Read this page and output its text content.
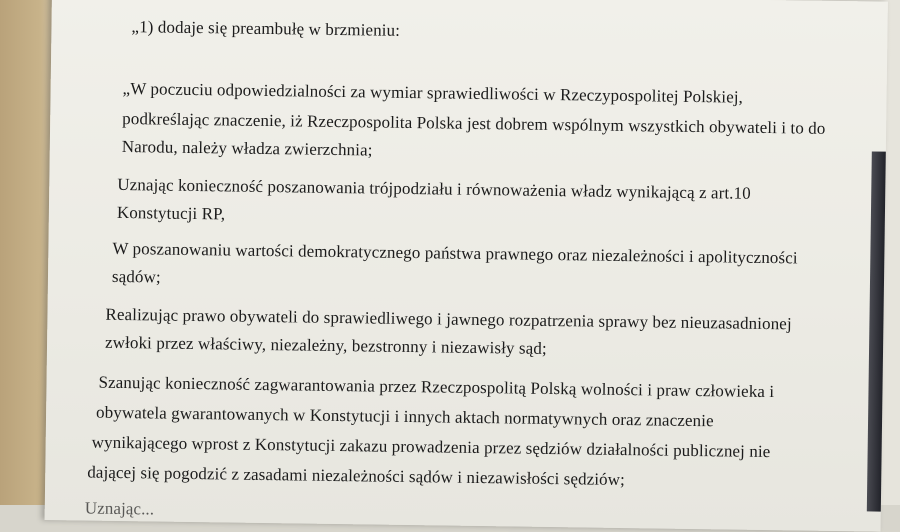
„1) dodaje się preambułę w brzmieniu:
„W poczuciu odpowiedzialności za wymiar sprawiedliwości w Rzeczypospolitej Polskiej,
podkreślając znaczenie, iż Rzeczpospolita Polska jest dobrem wspólnym wszystkich obywateli i to do
Narodu, należy władza zwierzchnia;
Uznając konieczność poszanowania trójpodziału i równoważenia władz wynikającą z art.10
Konstytucji RP,
W poszanowaniu wartości demokratycznego państwa prawnego oraz niezależności i apolityczności
sądów;
Realizując prawo obywateli do sprawiedliwego i jawnego rozpatrzenia sprawy bez nieuzasadnionej
zwłoki przez właściwy, niezależny, bezstronny i niezawisły sąd;
Szanując konieczność zagwarantowania przez Rzeczpospolitą Polską wolności i praw człowieka i
obywatela gwarantowanych w Konstytucji i innych aktach normatywnych oraz znaczenie
wynikającego wprost z Konstytucji zakazu prowadzenia przez sędziów działalności publicznej nie
dającej się pogodzić z zasadami niezależności sądów i niezawisłości sędziów;
Uznając...
